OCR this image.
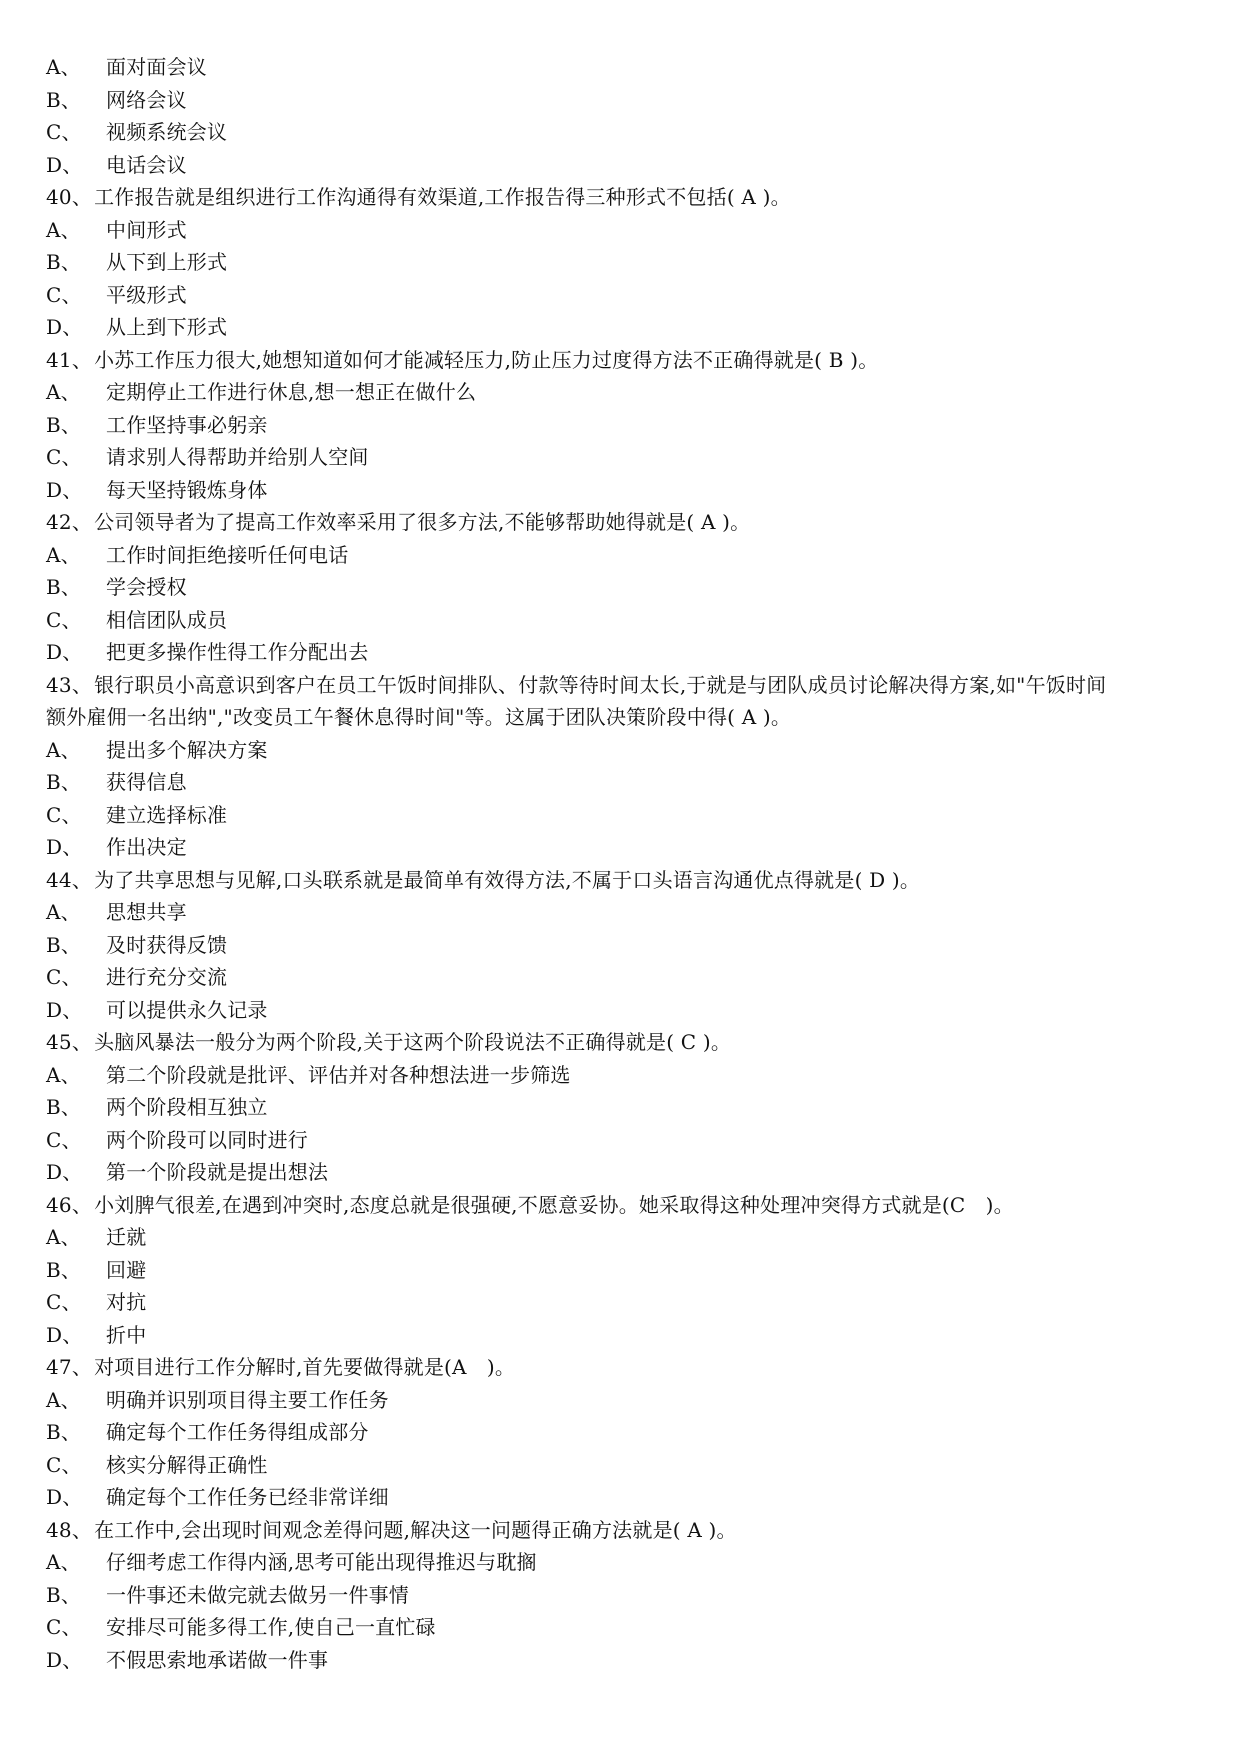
A、 面对面会议
B、 网络会议
C、 视频系统会议
D、 电话会议
40、 工作报告就是组织进行工作沟通得有效渠道,工作报告得三种形式不包括( A )。
A、 中间形式
B、 从下到上形式
C、 平级形式
D、 从上到下形式
41、 小苏工作压力很大,她想知道如何才能减轻压力,防止压力过度得方法不正确得就是( B )。
A、 定期停止工作进行休息,想一想正在做什么
B、 工作坚持事必躬亲
C、 请求别人得帮助并给别人空间
D、 每天坚持锻炼身体
42、 公司领导者为了提高工作效率采用了很多方法,不能够帮助她得就是( A )。
A、 工作时间拒绝接听任何电话
B、 学会授权
C、 相信团队成员
D、 把更多操作性得工作分配出去
43、 银行职员小高意识到客户在员工午饭时间排队、付款等待时间太长,于就是与团队成员讨论解决得方案,如"午饭时间
额外雇佣一名出纳","改变员工午餐休息得时间"等。这属于团队决策阶段中得( A )。
A、 提出多个解决方案
B、 获得信息
C、 建立选择标准
D、 作出决定
44、 为了共享思想与见解,口头联系就是最简单有效得方法,不属于口头语言沟通优点得就是( D )。
A、 思想共享
B、 及时获得反馈
C、 进行充分交流
D、 可以提供永久记录
45、 头脑风暴法一般分为两个阶段,关于这两个阶段说法不正确得就是( C )。
A、 第二个阶段就是批评、评估并对各种想法进一步筛选
B、 两个阶段相互独立
C、 两个阶段可以同时进行
D、 第一个阶段就是提出想法
46、 小刘脾气很差,在遇到冲突时,态度总就是很强硬,不愿意妥协。她采取得这种处理冲突得方式就是(C　)。
A、 迁就
B、 回避
C、 对抗
D、 折中
47、 对项目进行工作分解时,首先要做得就是(A　)。
A、 明确并识别项目得主要工作任务
B、 确定每个工作任务得组成部分
C、 核实分解得正确性
D、 确定每个工作任务已经非常详细
48、 在工作中,会出现时间观念差得问题,解决这一问题得正确方法就是( A )。
A、 仔细考虑工作得内涵,思考可能出现得推迟与耽搁
B、 一件事还未做完就去做另一件事情
C、 安排尽可能多得工作,使自己一直忙碌
D、 不假思索地承诺做一件事
